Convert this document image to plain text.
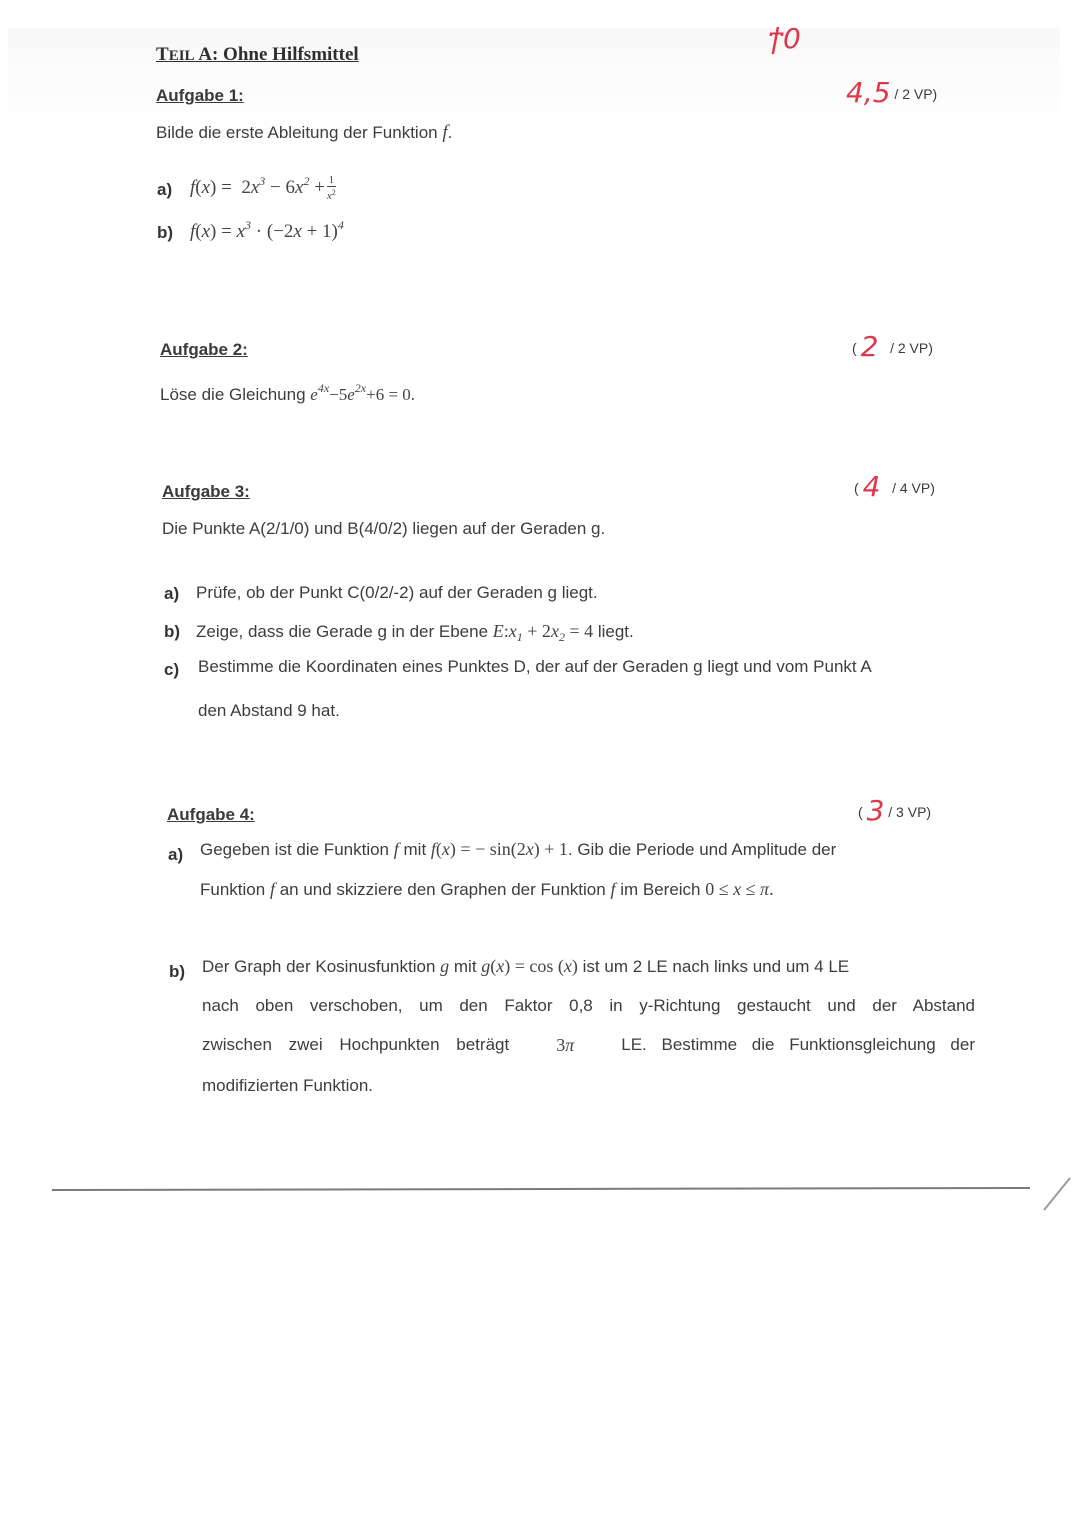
ϯ0
TEIL A: Ohne Hilfsmittel
Aufgabe 1:	4,5 / 2 VP)
Bilde die erste Ableitung der Funktion f.
a) $f(x) = 2x^3 - 6x^2 + \frac{1}{x^2}$
b) $f(x) = x^3 \cdot (-2x + 1)^4$
Aufgabe 2:	( 2 / 2 VP)
Löse die Gleichung $e^{4x}-5e^{2x}+6 = 0$.
Aufgabe 3:	( 4 / 4 VP)
Die Punkte A(2/1/0) und B(4/0/2) liegen auf der Geraden g.
a) Prüfe, ob der Punkt C(0/2/-2) auf der Geraden g liegt.
b) Zeige, dass die Gerade g in der Ebene $E:x_1 + 2x_2 = 4$ liegt.
c) Bestimme die Koordinaten eines Punktes D, der auf der Geraden g liegt und vom Punkt A
den Abstand 9 hat.
Aufgabe 4:	( 3 / 3 VP)
a) Gegeben ist die Funktion f mit f(x) = − sin(2x) + 1. Gib die Periode und Amplitude der
Funktion f an und skizziere den Graphen der Funktion f im Bereich 0 ≤ x ≤ π.
b) Der Graph der Kosinusfunktion g mit g(x) = cos (x) ist um 2 LE nach links und um 4 LE
nach oben verschoben, um den Faktor 0,8 in y-Richtung gestaucht und der Abstand
zwischen zwei Hochpunkten beträgt	3π	LE. Bestimme die Funktionsgleichung der
modifizierten Funktion.
